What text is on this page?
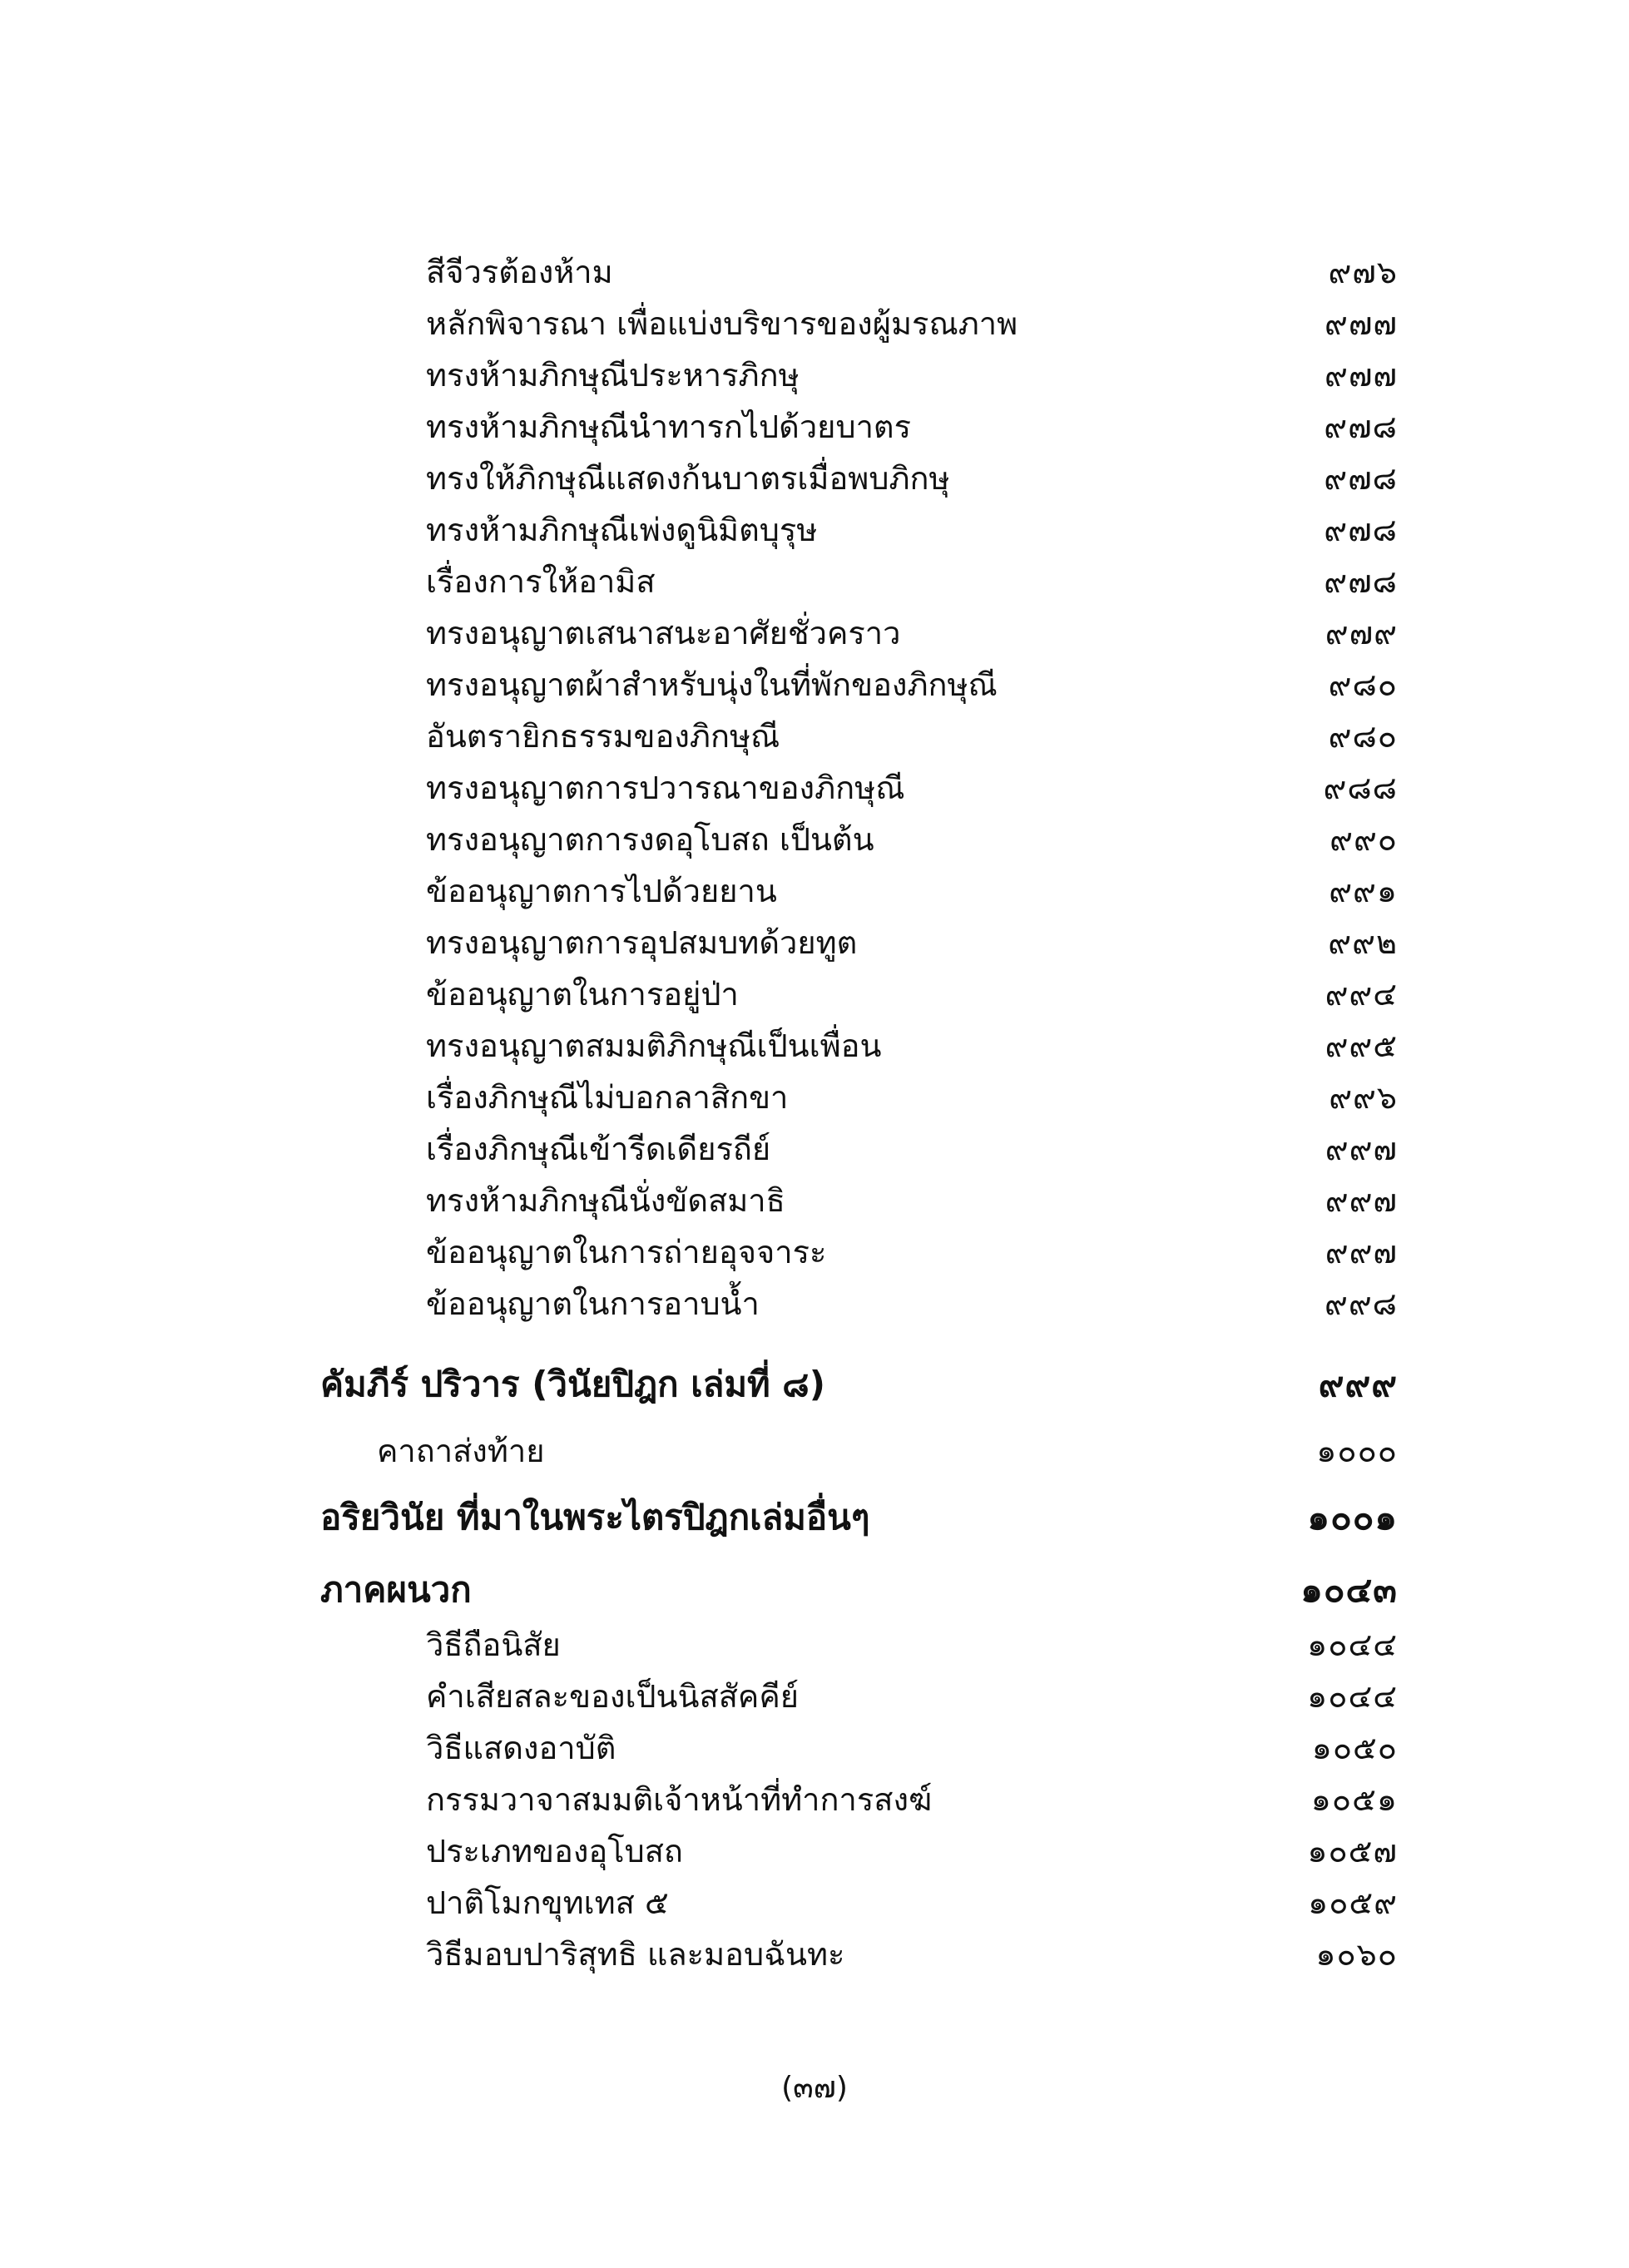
สีจีวรต้องห้าม	๙๗๖
หลักพิจารณา เพื่อแบ่งบริขารของผู้มรณภาพ	๙๗๗
ทรงห้ามภิกษุณีประหารภิกษุ	๙๗๗
ทรงห้ามภิกษุณีนำทารกไปด้วยบาตร	๙๗๘
ทรงให้ภิกษุณีแสดงก้นบาตรเมื่อพบภิกษุ	๙๗๘
ทรงห้ามภิกษุณีเพ่งดูนิมิตบุรุษ	๙๗๘
เรื่องการให้อามิส	๙๗๘
ทรงอนุญาตเสนาสนะอาศัยชั่วคราว	๙๗๙
ทรงอนุญาตผ้าสำหรับนุ่งในที่พักของภิกษุณี	๙๘๐
อันตรายิกธรรมของภิกษุณี	๙๘๐
ทรงอนุญาตการปวารณาของภิกษุณี	๙๘๘
ทรงอนุญาตการงดอุโบสถ เป็นต้น	๙๙๐
ข้ออนุญาตการไปด้วยยาน	๙๙๑
ทรงอนุญาตการอุปสมบทด้วยทูต	๙๙๒
ข้ออนุญาตในการอยู่ป่า	๙๙๔
ทรงอนุญาตสมมติภิกษุณีเป็นเพื่อน	๙๙๕
เรื่องภิกษุณีไม่บอกลาสิกขา	๙๙๖
เรื่องภิกษุณีเข้ารีดเดียรถีย์	๙๙๗
ทรงห้ามภิกษุณีนั่งขัดสมาธิ	๙๙๗
ข้ออนุญาตในการถ่ายอุจจาระ	๙๙๗
ข้ออนุญาตในการอาบน้ำ	๙๙๘
คัมภีร์ ปริวาร (วินัยปิฎก เล่มที่ ๘)	๙๙๙
คาถาส่งท้าย	๑๐๐๐
อริยวินัย ที่มาในพระไตรปิฎกเล่มอื่นๆ	๑๐๐๑
ภาคผนวก	๑๐๔๓
วิธีถือนิสัย	๑๐๔๔
คำเสียสละของเป็นนิสสัคคีย์	๑๐๔๔
วิธีแสดงอาบัติ	๑๐๕๐
กรรมวาจาสมมติเจ้าหน้าที่ทำการสงฆ์	๑๐๕๑
ประเภทของอุโบสถ	๑๐๕๗
ปาติโมกขุทเทส ๕	๑๐๕๙
วิธีมอบปาริสุทธิ และมอบฉันทะ	๑๐๖๐
(๓๗)
